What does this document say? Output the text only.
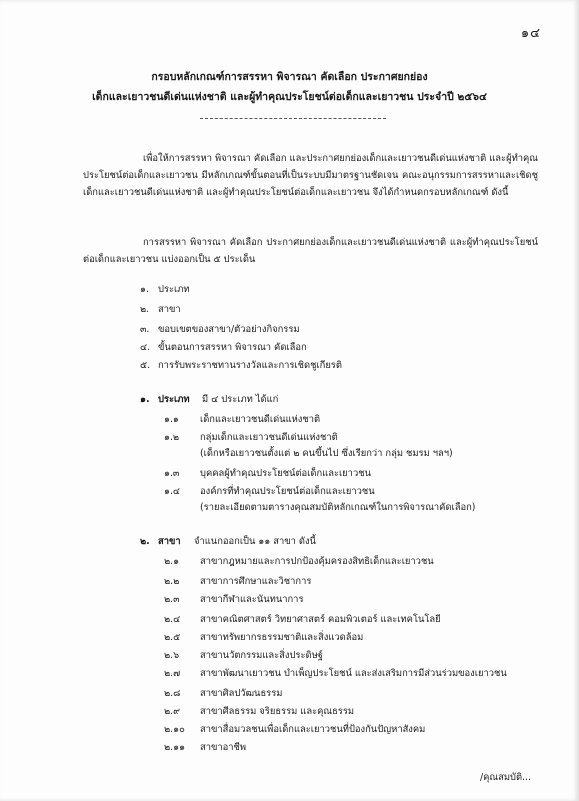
๑๔
กรอบหลักเกณฑ์การสรรหา พิจารณา คัดเลือก ประกาศยกย่อง
เด็กและเยาวชนดีเด่นแห่งชาติ และผู้ทำคุณประโยชน์ต่อเด็กและเยาวชน ประจำปี ๒๕๖๔

เพื่อให้การสรรหา พิจารณา คัดเลือก และประกาศยกย่องเด็กและเยาวชนดีเด่นแห่งชาติ และผู้ทำคุณประโยชน์ต่อเด็กและเยาวชน มีหลักเกณฑ์ขั้นตอนที่เป็นระบบมีมาตรฐานชัดเจน คณะอนุกรรมการสรรหาและเชิดชูเด็กและเยาวชนดีเด่นแห่งชาติ และผู้ทำคุณประโยชน์ต่อเด็กและเยาวชน จึงได้กำหนดกรอบหลักเกณฑ์ ดังนี้

การสรรหา พิจารณา คัดเลือก ประกาศยกย่องเด็กและเยาวชนดีเด่นแห่งชาติ และผู้ทำคุณประโยชน์ต่อเด็กและเยาวชน แบ่งออกเป็น ๕ ประเด็น

๑. ประเภท
๒. สาขา
๓. ขอบเขตของสาขา/ตัวอย่างกิจกรรม
๔. ขั้นตอนการสรรหา พิจารณา คัดเลือก
๕. การรับพระราชทานรางวัลและการเชิดชูเกียรติ
๑. ประเภท มี ๔ ประเภท ได้แก่
๑.๑ เด็กและเยาวชนดีเด่นแห่งชาติ
๑.๒ กลุ่มเด็กและเยาวชนดีเด่นแห่งชาติ
(เด็กหรือเยาวชนตั้งแต่ ๒ คนขึ้นไป ซึ่งเรียกว่า กลุ่ม ชมรม ฯลฯ)
๑.๓ บุคคลผู้ทำคุณประโยชน์ต่อเด็กและเยาวชน
๑.๔ องค์กรที่ทำคุณประโยชน์ต่อเด็กและเยาวชน
(รายละเอียดตามตารางคุณสมบัติหลักเกณฑ์ในการพิจารณาคัดเลือก)
๒. สาขา จำแนกออกเป็น ๑๑ สาขา ดังนี้
๒.๑ สาขากฎหมายและการปกป้องคุ้มครองสิทธิเด็กและเยาวชน
๒.๒ สาขาการศึกษาและวิชาการ
๒.๓ สาขากีฬาและนันทนาการ
๒.๔ สาขาคณิตศาสตร์ วิทยาศาสตร์ คอมพิวเตอร์ และเทคโนโลยี
๒.๕ สาขาทรัพยากรธรรมชาติและสิ่งแวดล้อม
๒.๖ สาขานวัตกรรมและสิ่งประดิษฐ์
๒.๗ สาขาพัฒนาเยาวชน บำเพ็ญประโยชน์ และส่งเสริมการมีส่วนร่วมของเยาวชน
๒.๘ สาขาศิลปวัฒนธรรม
๒.๙ สาขาศีลธรรม จริยธรรม และคุณธรรม
๒.๑๐ สาขาสื่อมวลชนเพื่อเด็กและเยาวชนที่ป้องกันปัญหาสังคม
๒.๑๑ สาขาอาชีพ
/คุณสมบัติ...
